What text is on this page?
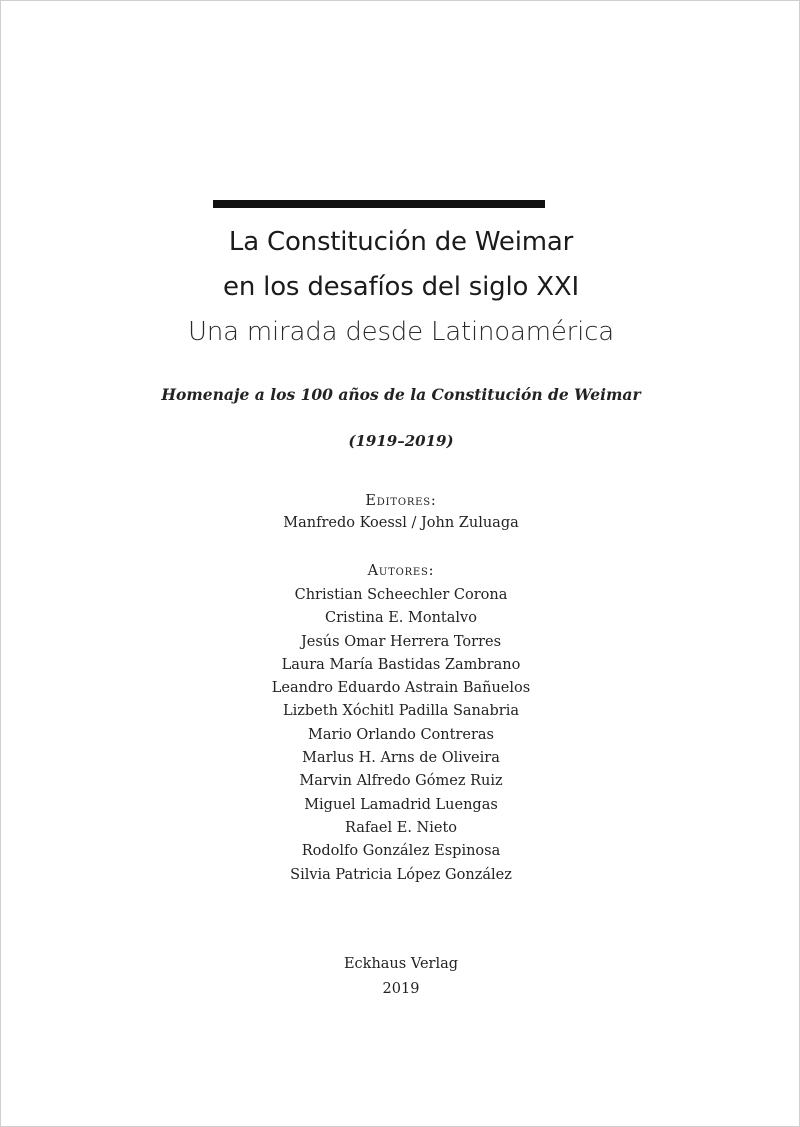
La Constitución de Weimar
en los desafíos del siglo XXI
Una mirada desde Latinoamérica
Homenaje a los 100 años de la Constitución de Weimar
(1919–2019)
Editores:
Manfredo Koessl / John Zuluaga
Autores:
Christian Scheechler Corona
Cristina E. Montalvo
Jesús Omar Herrera Torres
Laura María Bastidas Zambrano
Leandro Eduardo Astrain Bañuelos
Lizbeth Xóchitl Padilla Sanabria
Mario Orlando Contreras
Marlus H. Arns de Oliveira
Marvin Alfredo Gómez Ruiz
Miguel Lamadrid Luengas
Rafael E. Nieto
Rodolfo González Espinosa
Silvia Patricia López González
Eckhaus Verlag
2019
